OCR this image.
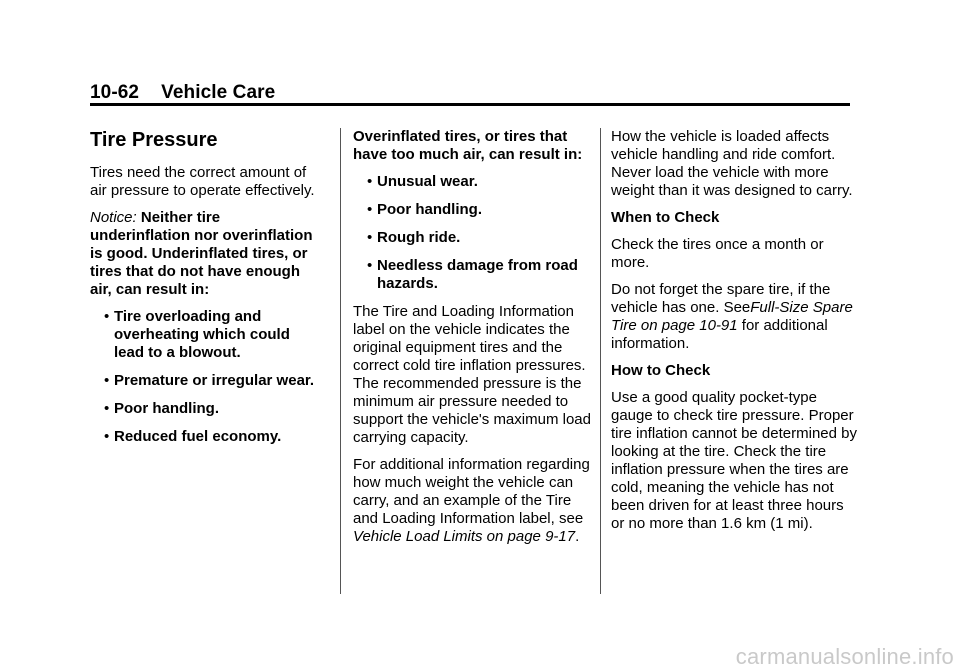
10-62 Vehicle Care
Tire Pressure

Tires need the correct amount of air pressure to operate effectively.

Notice: Neither tire underinflation nor overinflation is good. Underinflated tires, or tires that do not have enough air, can result in:

• Tire overloading and overheating which could lead to a blowout.
• Premature or irregular wear.
• Poor handling.
• Reduced fuel economy.

Overinflated tires, or tires that have too much air, can result in:

• Unusual wear.
• Poor handling.
• Rough ride.
• Needless damage from road hazards.

The Tire and Loading Information label on the vehicle indicates the original equipment tires and the correct cold tire inflation pressures. The recommended pressure is the minimum air pressure needed to support the vehicle's maximum load carrying capacity.

For additional information regarding how much weight the vehicle can carry, and an example of the Tire and Loading Information label, see Vehicle Load Limits on page 9-17.

How the vehicle is loaded affects vehicle handling and ride comfort. Never load the vehicle with more weight than it was designed to carry.

When to Check

Check the tires once a month or more.

Do not forget the spare tire, if the vehicle has one. SeeFull-Size Spare Tire on page 10-91 for additional information.

How to Check

Use a good quality pocket-type gauge to check tire pressure. Proper tire inflation cannot be determined by looking at the tire. Check the tire inflation pressure when the tires are cold, meaning the vehicle has not been driven for at least three hours or no more than 1.6 km (1 mi).

carmanualsonline.info
